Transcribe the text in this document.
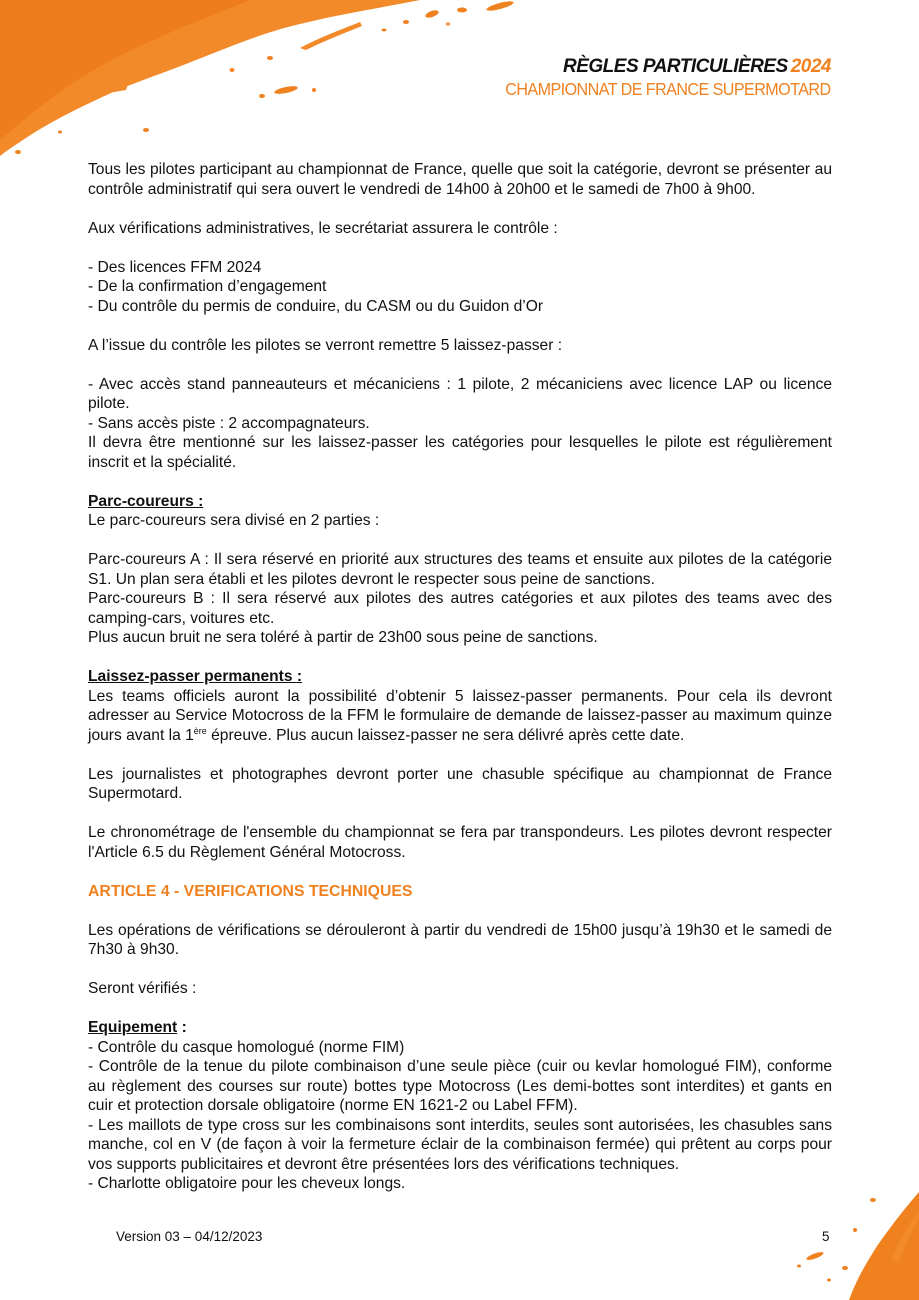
RÈGLES PARTICULIÈRES 2024
CHAMPIONNAT DE FRANCE SUPERMOTARD

Tous les pilotes participant au championnat de France, quelle que soit la catégorie, devront se présenter au contrôle administratif qui sera ouvert le vendredi de 14h00 à 20h00 et le samedi de 7h00 à 9h00.

Aux vérifications administratives, le secrétariat assurera le contrôle :

- Des licences FFM 2024

- De la confirmation d’engagement

- Du contrôle du permis de conduire, du CASM ou du Guidon d’Or

A l’issue du contrôle les pilotes se verront remettre 5 laissez-passer :

- Avec accès stand panneauteurs et mécaniciens : 1 pilote, 2 mécaniciens avec licence LAP ou licence pilote.

- Sans accès piste : 2 accompagnateurs.

Il devra être mentionné sur les laissez-passer les catégories pour lesquelles le pilote est régulièrement inscrit et la spécialité.

Parc-coureurs :

Le parc-coureurs sera divisé en 2 parties :

Parc-coureurs A : Il sera réservé en priorité aux structures des teams et ensuite aux pilotes de la catégorie S1. Un plan sera établi et les pilotes devront le respecter sous peine de sanctions.

Parc-coureurs B : Il sera réservé aux pilotes des autres catégories et aux pilotes des teams avec des camping-cars, voitures etc.

Plus aucun bruit ne sera toléré à partir de 23h00 sous peine de sanctions.

Laissez-passer permanents :

Les teams officiels auront la possibilité d’obtenir 5 laissez-passer permanents. Pour cela ils devront adresser au Service Motocross de la FFM le formulaire de demande de laissez-passer au maximum quinze jours avant la 1ère épreuve. Plus aucun laissez-passer ne sera délivré après cette date.

Les journalistes et photographes devront porter une chasuble spécifique au championnat de France Supermotard.

Le chronométrage de l'ensemble du championnat se fera par transpondeurs. Les pilotes devront respecter l'Article 6.5 du Règlement Général Motocross.

ARTICLE 4 - VERIFICATIONS TECHNIQUES

Les opérations de vérifications se dérouleront à partir du vendredi de 15h00 jusqu’à 19h30 et le samedi de 7h30 à 9h30.

Seront vérifiés :

Equipement :

- Contrôle du casque homologué (norme FIM)

- Contrôle de la tenue du pilote combinaison d’une seule pièce (cuir ou kevlar homologué FIM), conforme au règlement des courses sur route) bottes type Motocross (Les demi-bottes sont interdites) et gants en cuir et protection dorsale obligatoire (norme EN 1621-2 ou Label FFM).

- Les maillots de type cross sur les combinaisons sont interdits, seules sont autorisées, les chasubles sans manche, col en V (de façon à voir la fermeture éclair de la combinaison fermée) qui prêtent au corps pour vos supports publicitaires et devront être présentées lors des vérifications techniques.

- Charlotte obligatoire pour les cheveux longs.

Version 03 – 04/12/2023	5
